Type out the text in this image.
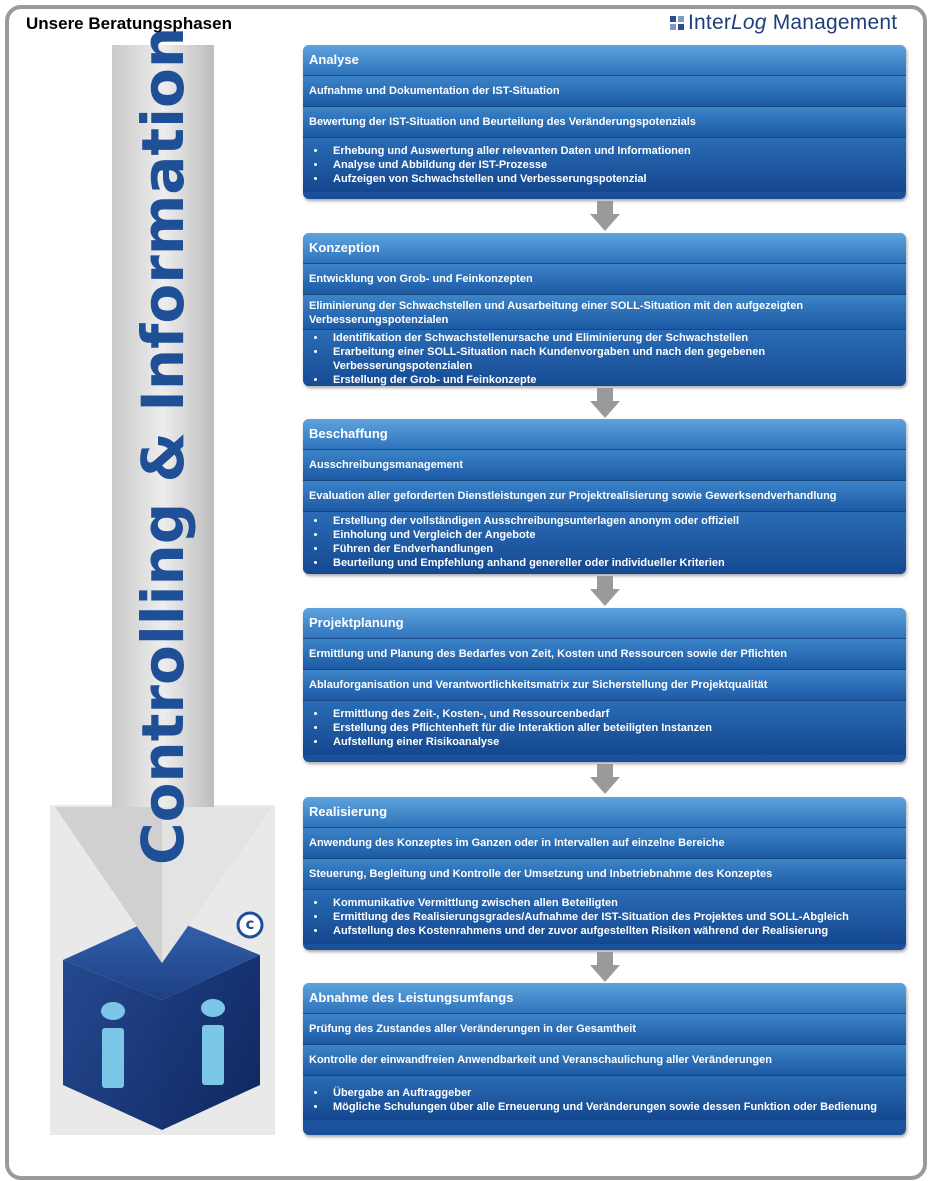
Unsere Beratungsphasen	InterLog Management
c
Controlling & Information	Analyse
Aufnahme und Dokumentation der IST-Situation
Bewertung der IST-Situation und Beurteilung des Veränderungspotenzials
• Erhebung und Auswertung aller relevanten Daten und Informationen
• Analyse und Abbildung der IST-Prozesse
• Aufzeigen von Schwachstellen und Verbesserungspotenzial
Konzeption
Entwicklung von Grob- und Feinkonzepten
Eliminierung der Schwachstellen und Ausarbeitung einer SOLL-Situation mit den aufgezeigten Verbesserungspotenzialen
• Identifikation der Schwachstellenursache und Eliminierung der Schwachstellen
• Erarbeitung einer SOLL-Situation nach Kundenvorgaben und nach den gegebenen Verbesserungspotenzialen
• Erstellung der Grob- und Feinkonzepte
Beschaffung
Ausschreibungsmanagement
Evaluation aller geforderten Dienstleistungen zur Projektrealisierung sowie Gewerksendverhandlung
• Erstellung der vollständigen Ausschreibungsunterlagen anonym oder offiziell
• Einholung und Vergleich der Angebote
• Führen der Endverhandlungen
• Beurteilung und Empfehlung anhand genereller oder individueller Kriterien
Projektplanung
Ermittlung und Planung des Bedarfes von Zeit, Kosten und Ressourcen sowie der Pflichten
Ablauforganisation und Verantwortlichkeitsmatrix zur Sicherstellung der Projektqualität
• Ermittlung des Zeit-, Kosten-, und Ressourcenbedarf
• Erstellung des Pflichtenheft für die Interaktion aller beteiligten Instanzen
• Aufstellung einer Risikoanalyse
Realisierung
Anwendung des Konzeptes im Ganzen oder in Intervallen auf einzelne Bereiche
Steuerung, Begleitung und Kontrolle der Umsetzung und Inbetriebnahme des Konzeptes
• Kommunikative Vermittlung zwischen allen Beteiligten
• Ermittlung des Realisierungsgrades/Aufnahme der IST-Situation des Projektes und SOLL-Abgleich
• Aufstellung des Kostenrahmens und der zuvor aufgestellten Risiken während der Realisierung
Abnahme des Leistungsumfangs
Prüfung des Zustandes aller Veränderungen in der Gesamtheit
Kontrolle der einwandfreien Anwendbarkeit und Veranschaulichung aller Veränderungen
• Übergabe an Auftraggeber
• Mögliche Schulungen über alle Erneuerung und Veränderungen sowie dessen Funktion oder Bedienung
